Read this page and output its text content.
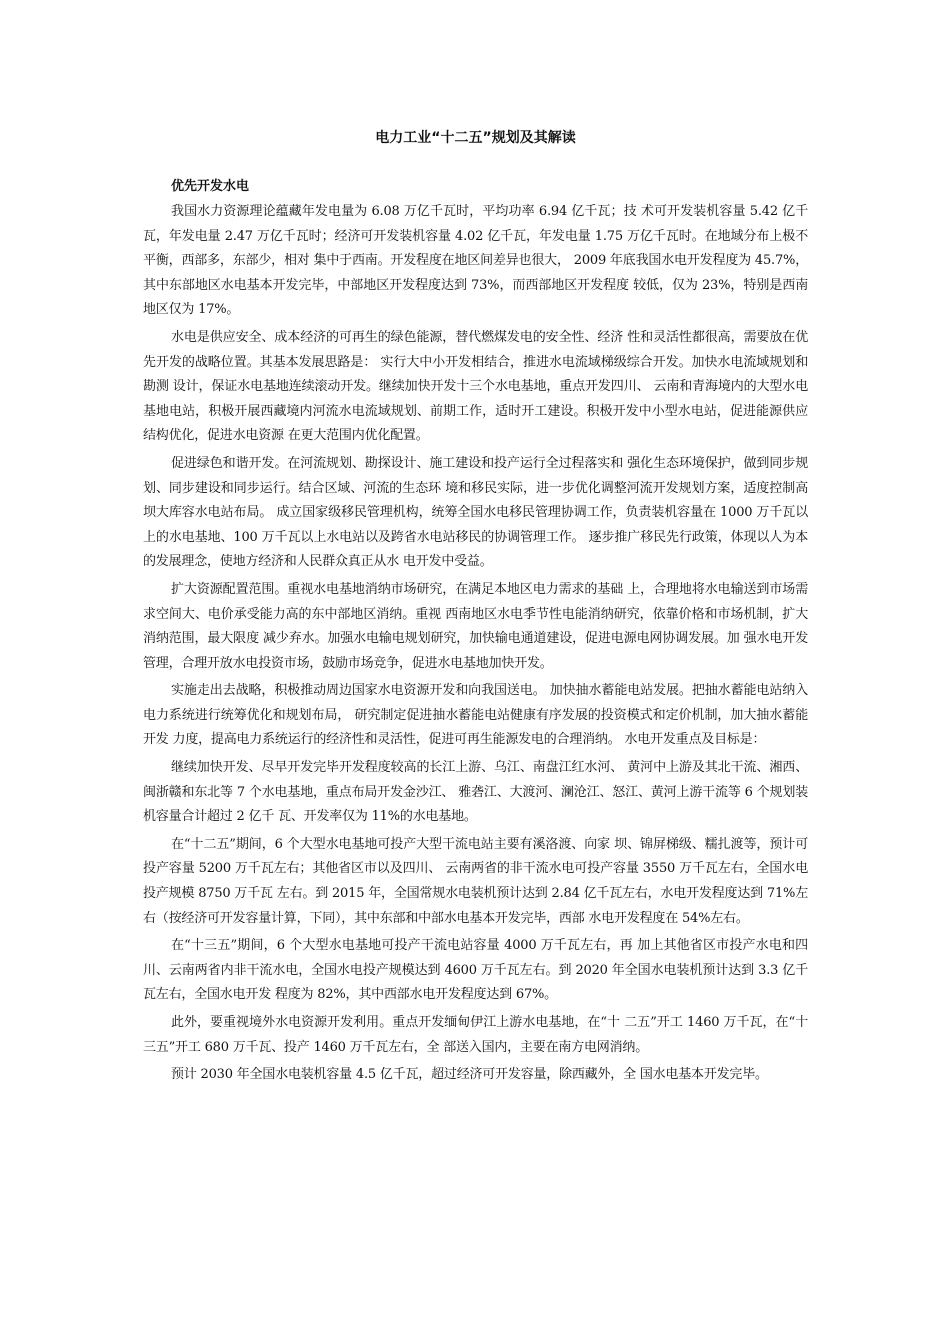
电力工业“十二五”规划及其解读
优先开发水电

我国水力资源理论蕴藏年发电量为 6.08 万亿千瓦时，平均功率 6.94 亿千瓦；技 术可开发装机容量 5.42 亿千瓦，年发电量 2.47 万亿千瓦时；经济可开发装机容量 4.02 亿千瓦，年发电量 1.75 万亿千瓦时。在地域分布上极不平衡，西部多，东部少，相对 集中于西南。开发程度在地区间差异也很大， 2009 年底我国水电开发程度为 45.7%， 其中东部地区水电基本开发完毕，中部地区开发程度达到 73%，而西部地区开发程度 较低，仅为 23%，特别是西南地区仅为 17%。

水电是供应安全、成本经济的可再生的绿色能源，替代燃煤发电的安全性、经济 性和灵活性都很高，需要放在优先开发的战略位置。其基本发展思路是： 实行大中小开发相结合，推进水电流域梯级综合开发。加快水电流域规划和勘测 设计，保证水电基地连续滚动开发。继续加快开发十三个水电基地，重点开发四川、 云南和青海境内的大型水电基地电站，积极开展西藏境内河流水电流域规划、前期工作，适时开工建设。积极开发中小型水电站，促进能源供应结构优化，促进水电资源 在更大范围内优化配置。

促进绿色和谐开发。在河流规划、勘探设计、施工建设和投产运行全过程落实和 强化生态环境保护，做到同步规划、同步建设和同步运行。结合区域、河流的生态环 境和移民实际，进一步优化调整河流开发规划方案，适度控制高坝大库容水电站布局。 成立国家级移民管理机构，统筹全国水电移民管理协调工作，负责装机容量在 1000 万千瓦以上的水电基地、100 万千瓦以上水电站以及跨省水电站移民的协调管理工作。 逐步推广移民先行政策，体现以人为本的发展理念，使地方经济和人民群众真正从水 电开发中受益。

扩大资源配置范围。重视水电基地消纳市场研究，在满足本地区电力需求的基础 上，合理地将水电输送到市场需求空间大、电价承受能力高的东中部地区消纳。重视 西南地区水电季节性电能消纳研究，依靠价格和市场机制，扩大消纳范围，最大限度 减少弃水。加强水电输电规划研究，加快输电通道建设，促进电源电网协调发展。加 强水电开发管理，合理开放水电投资市场，鼓励市场竞争，促进水电基地加快开发。

实施走出去战略，积极推动周边国家水电资源开发和向我国送电。 加快抽水蓄能电站发展。把抽水蓄能电站纳入电力系统进行统筹优化和规划布局， 研究制定促进抽水蓄能电站健康有序发展的投资模式和定价机制，加大抽水蓄能开发 力度，提高电力系统运行的经济性和灵活性，促进可再生能源发电的合理消纳。 水电开发重点及目标是：

继续加快开发、尽早开发完毕开发程度较高的长江上游、乌江、南盘江红水河、 黄河中上游及其北干流、湘西、闽浙赣和东北等 7 个水电基地，重点布局开发金沙江、 雅砻江、大渡河、澜沧江、怒江、黄河上游干流等 6 个规划装机容量合计超过 2 亿千 瓦、开发率仅为 11%的水电基地。

在“十二五”期间，6 个大型水电基地可投产大型干流电站主要有溪洛渡、向家 坝、锦屏梯级、糯扎渡等，预计可投产容量 5200 万千瓦左右；其他省区市以及四川、 云南两省的非干流水电可投产容量 3550 万千瓦左右，全国水电投产规模 8750 万千瓦 左右。到 2015 年，全国常规水电装机预计达到 2.84 亿千瓦左右，水电开发程度达到 71%左右（按经济可开发容量计算，下同），其中东部和中部水电基本开发完毕，西部 水电开发程度在 54%左右。

在“十三五”期间，6 个大型水电基地可投产干流电站容量 4000 万千瓦左右，再 加上其他省区市投产水电和四川、云南两省内非干流水电，全国水电投产规模达到 4600 万千瓦左右。到 2020 年全国水电装机预计达到 3.3 亿千瓦左右，全国水电开发 程度为 82%，其中西部水电开发程度达到 67%。

此外，要重视境外水电资源开发利用。重点开发缅甸伊江上游水电基地，在“十 二五”开工 1460 万千瓦，在“十三五”开工 680 万千瓦、投产 1460 万千瓦左右，全 部送入国内，主要在南方电网消纳。

预计 2030 年全国水电装机容量 4.5 亿千瓦，超过经济可开发容量，除西藏外，全 国水电基本开发完毕。
